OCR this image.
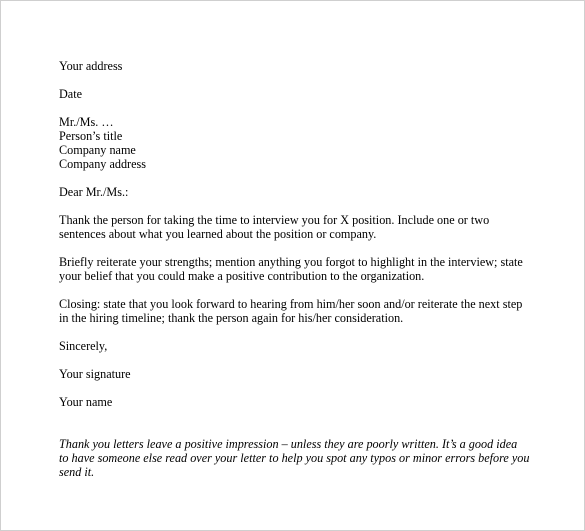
Your address
Date
Mr./Ms. …
Person’s title
Company name
Company address
Dear Mr./Ms.:
Thank the person for taking the time to interview you for X position. Include one or two
sentences about what you learned about the position or company.
Briefly reiterate your strengths; mention anything you forgot to highlight in the interview; state
your belief that you could make a positive contribution to the organization.
Closing: state that you look forward to hearing from him/her soon and/or reiterate the next step
in the hiring timeline; thank the person again for his/her consideration.
Sincerely,
Your signature
Your name
Thank you letters leave a positive impression – unless they are poorly written. It’s a good idea
to have someone else read over your letter to help you spot any typos or minor errors before you
send it.
